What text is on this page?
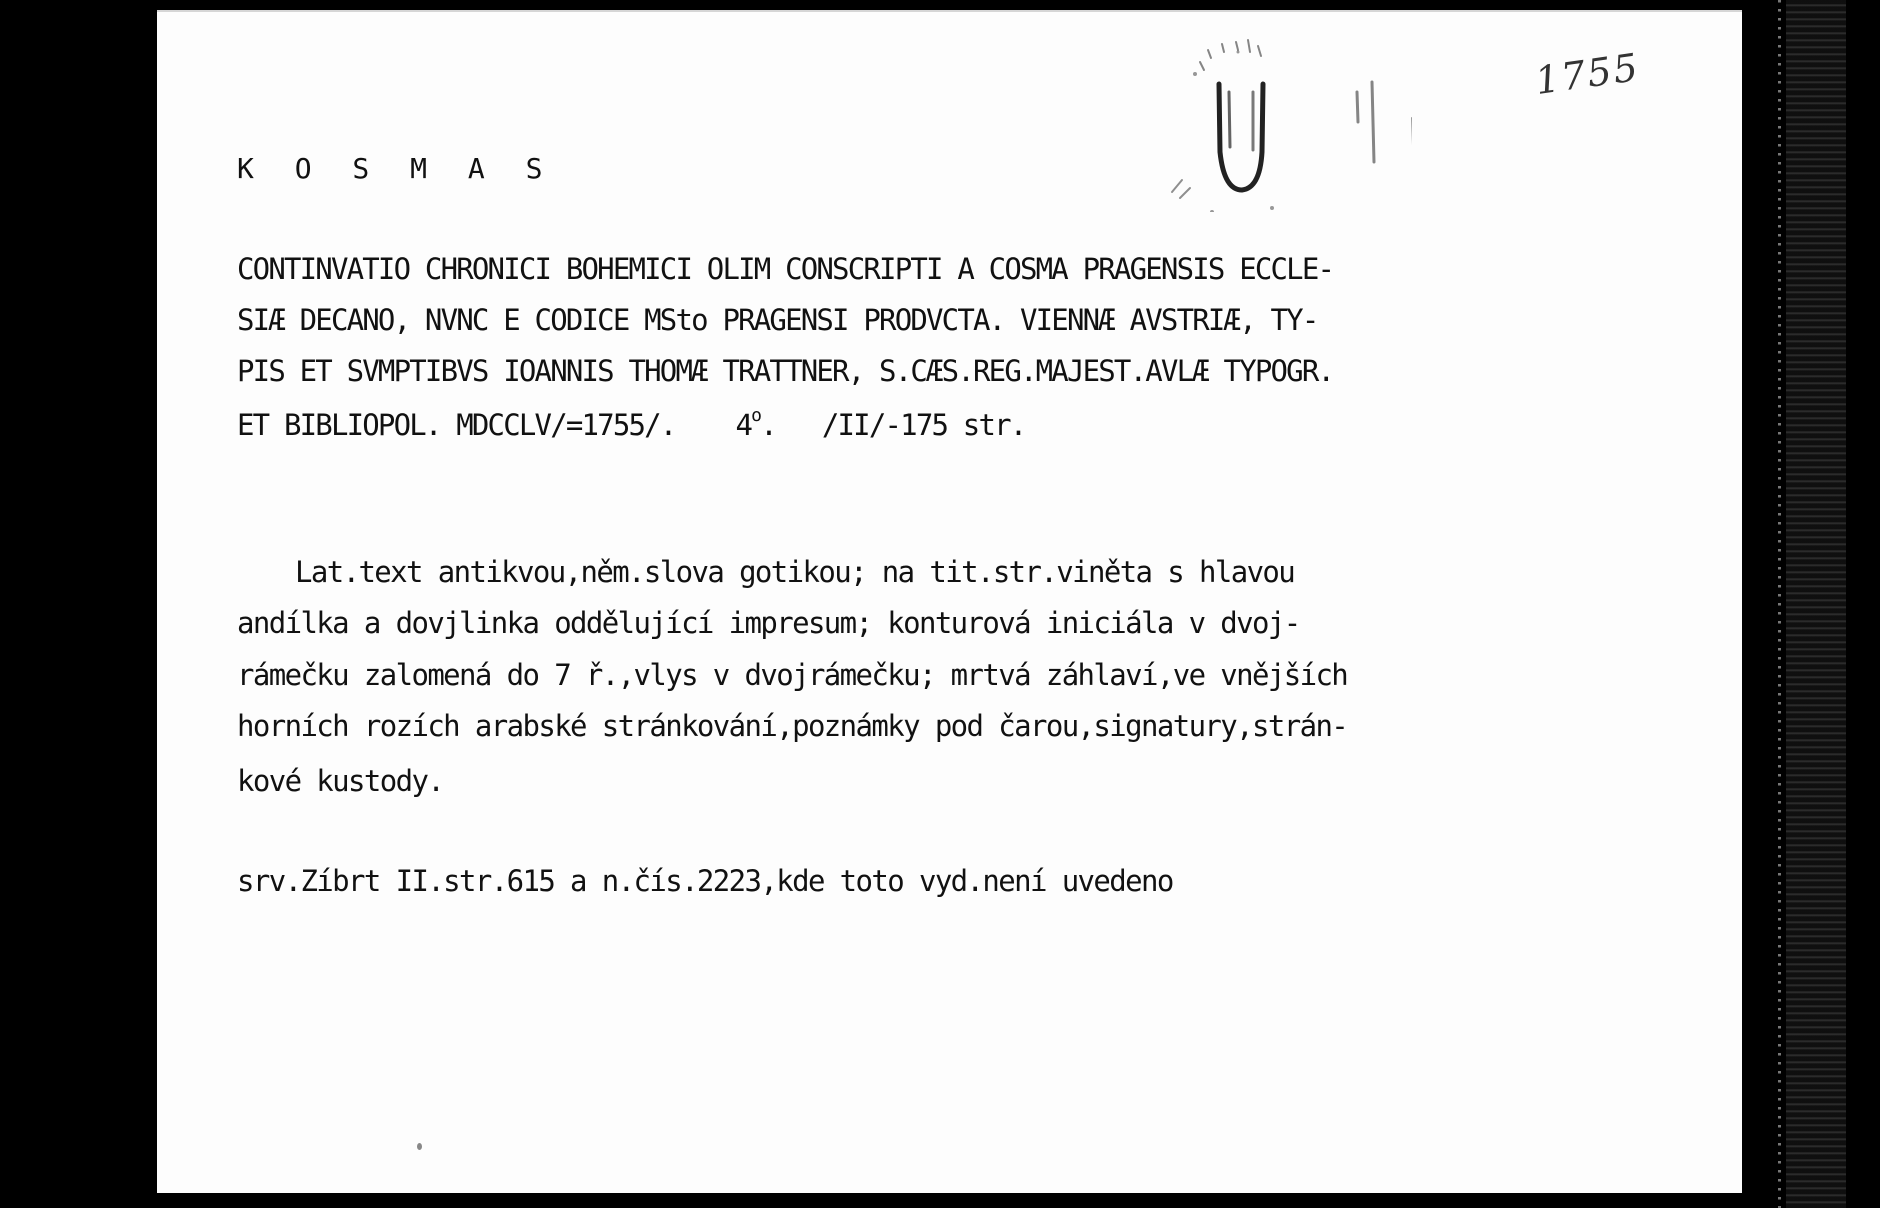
1755

K O S M A S

CONTINVATIO CHRONICI BOHEMICI OLIM CONSCRIPTI A COSMA PRAGENSIS ECCLE-

SIÆ DECANO, NVNC E CODICE MSto PRAGENSI PRODVCTA. VIENNÆ AVSTRIÆ, TY-

PIS ET SVMPTIBVS IOANNIS THOMÆ TRATTNER, S.CÆS.REG.MAJEST.AVLÆ TYPOGR.

ET BIBLIOPOL. MDCCLV/=1755/. 4$^o$. /II/-175 str.

Lat.text antikvou,něm.slova gotikou; na tit.str.viněta s hlavou

andílka a dovjlinka oddělující impresum; konturová iniciála v dvoj-

rámečku zalomená do 7 ř.,vlys v dvojrámečku; mrtvá záhlaví,ve vnějších

horních rozích arabské stránkování,poznámky pod čarou,signatury,strán-

kové kustody.

srv.Zíbrt II.str.615 a n.čís.2223,kde toto vyd.není uvedeno
